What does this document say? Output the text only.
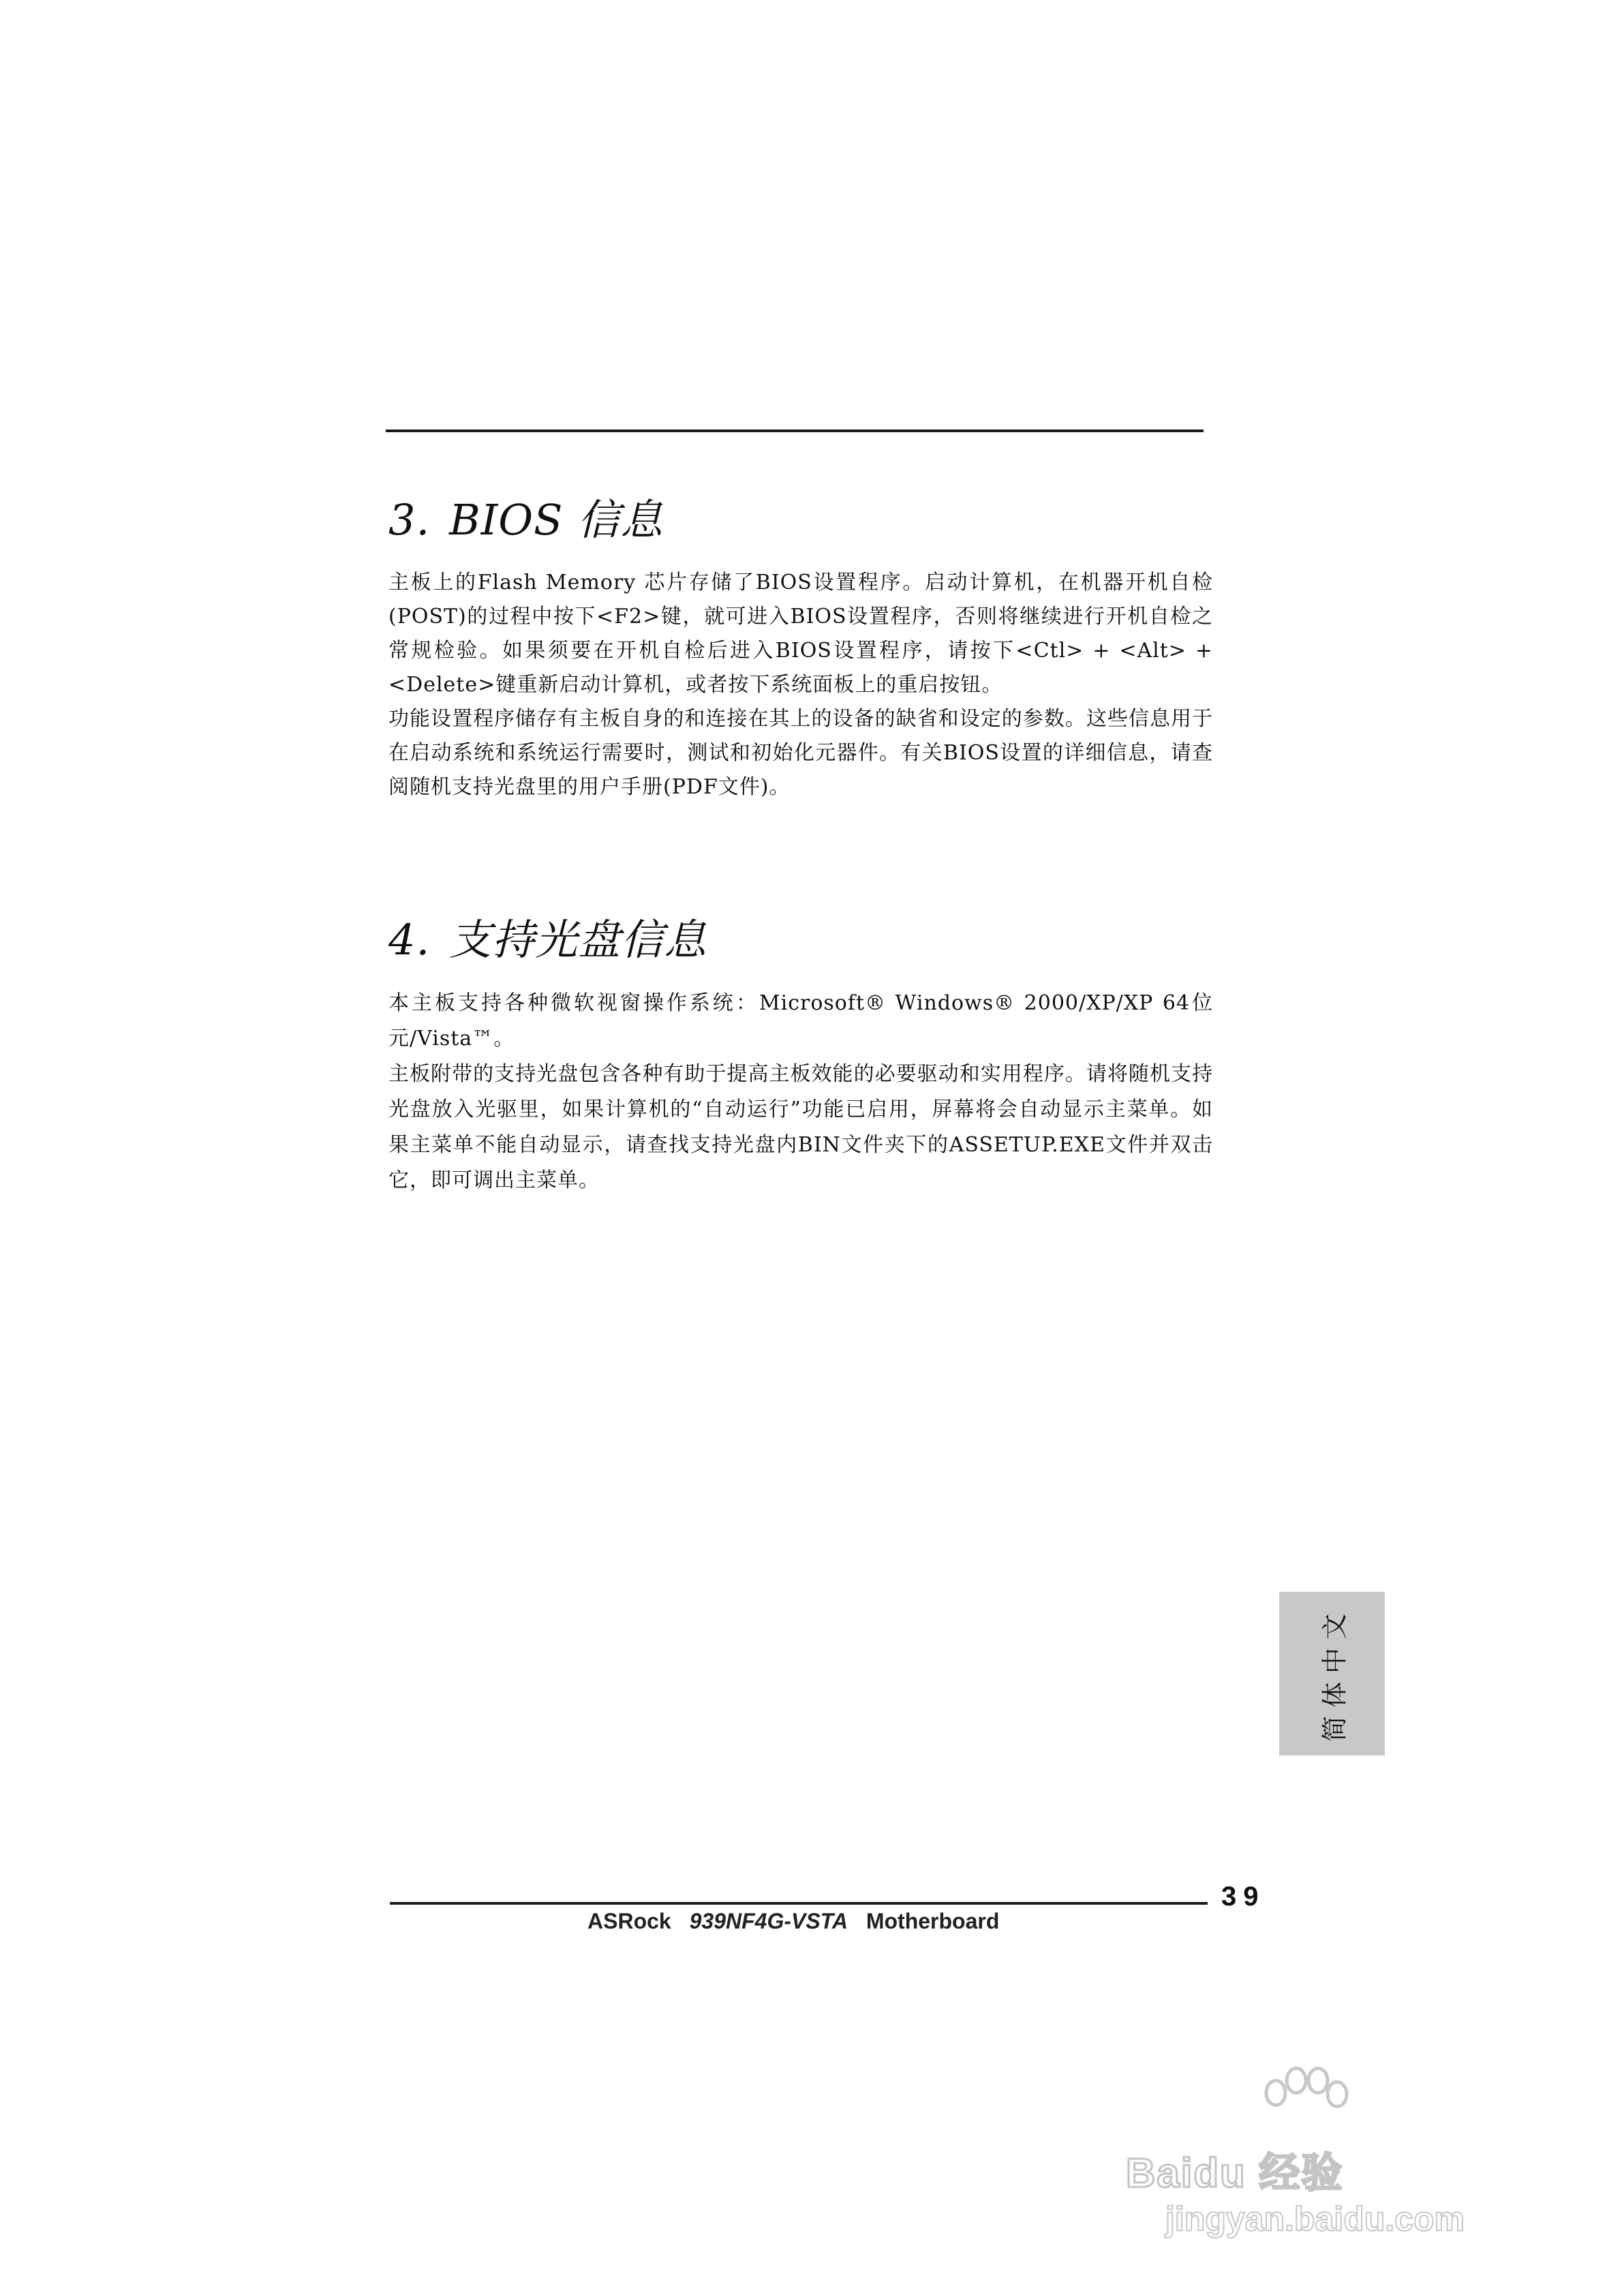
3. BIOS 信息

主板上的Flash Memory 芯片存储了BIOS设置程序。启动计算机，在机器开机自检(POST)的过程中按下<F2>键，就可进入BIOS设置程序，否则将继续进行开机自检之常规检验。如果须要在开机自检后进入BIOS设置程序，请按下<Ctl> + <Alt> + <Delete>键重新启动计算机，或者按下系统面板上的重启按钮。

功能设置程序储存有主板自身的和连接在其上的设备的缺省和设定的参数。这些信息用于在启动系统和系统运行需要时，测试和初始化元器件。有关BIOS设置的详细信息，请查阅随机支持光盘里的用户手册(PDF文件)。

4. 支持光盘信息

本主板支持各种微软视窗操作系统：Microsoft® Windows® 2000/XP/XP 64位元/Vista™。

主板附带的支持光盘包含各种有助于提高主板效能的必要驱动和实用程序。请将随机支持光盘放入光驱里，如果计算机的“自动运行”功能已启用，屏幕将会自动显示主菜单。如果主菜单不能自动显示，请查找支持光盘内BIN文件夹下的ASSETUP.EXE文件并双击它，即可调出主菜单。

简体中文
39
ASRock 939NF4G-VSTA Motherboard
Baidu 经验
jingyan.baidu.com
